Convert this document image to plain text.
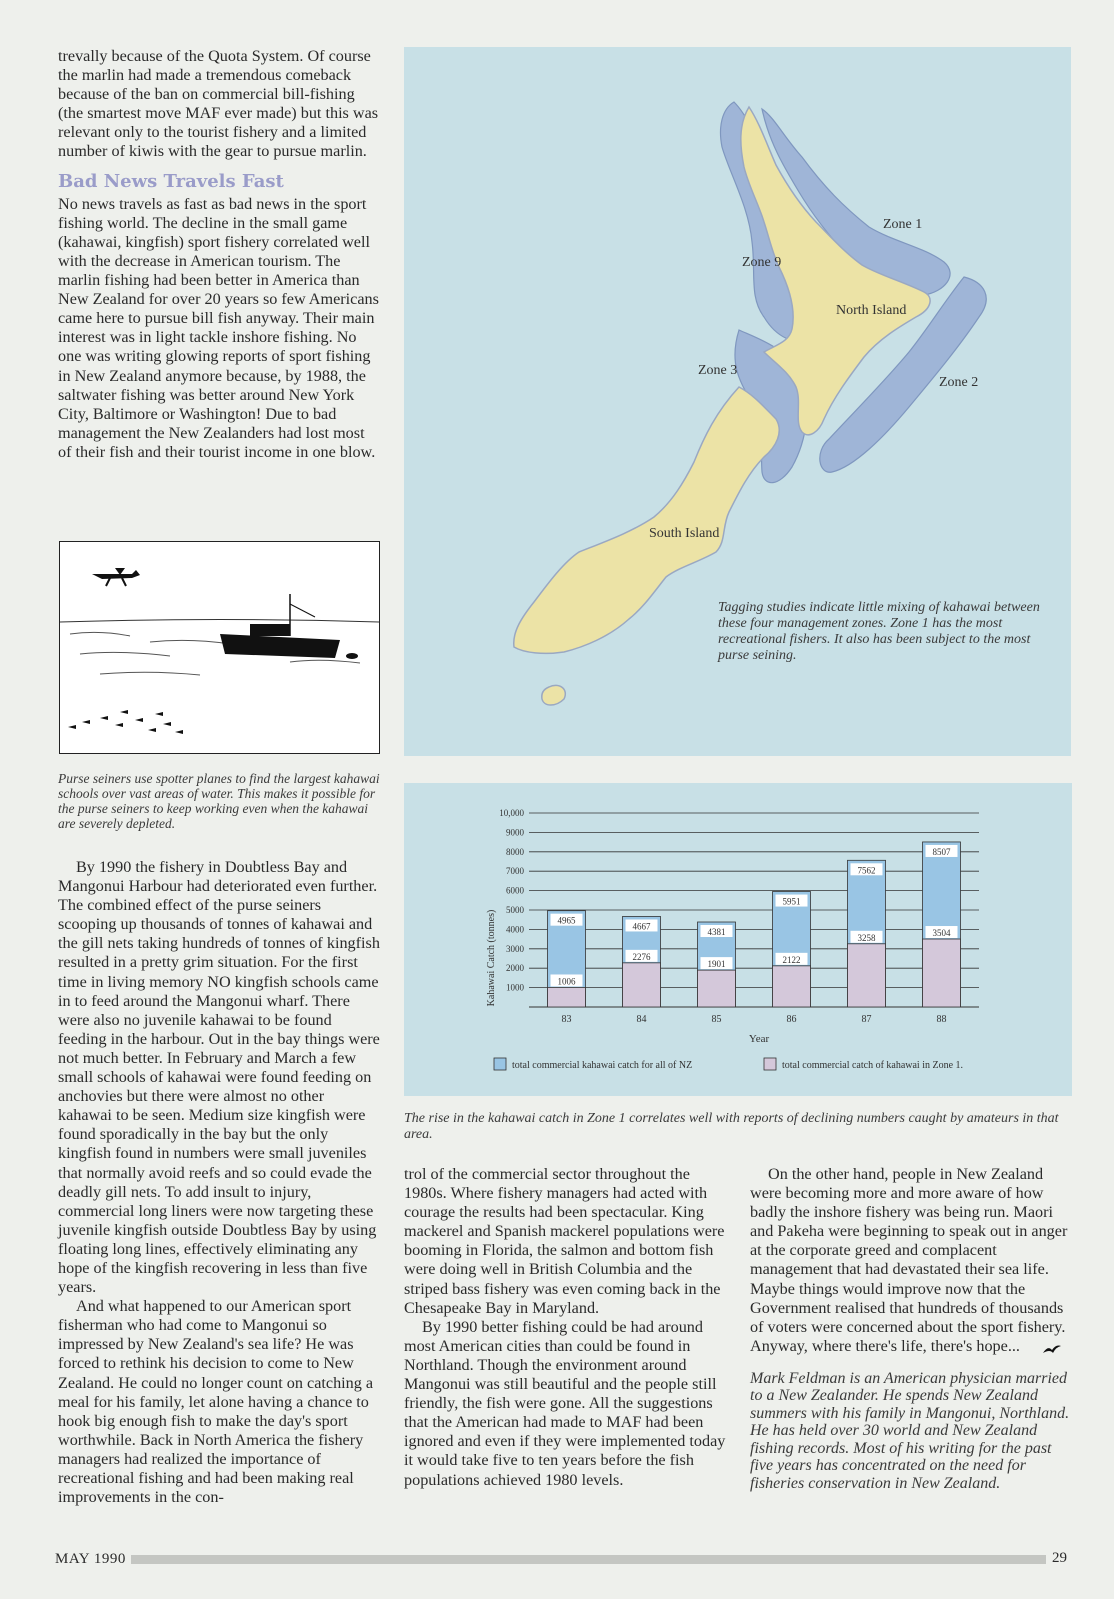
trevally because of the Quota System. Of course the marlin had made a tremendous comeback because of the ban on commercial bill-fishing (the smartest move MAF ever made) but this was relevant only to the tourist fishery and a limited number of kiwis with the gear to pursue marlin.

Bad News Travels Fast

No news travels as fast as bad news in the sport fishing world. The decline in the small game (kahawai, kingfish) sport fishery correlated well with the decrease in American tourism. The marlin fishing had been better in America than New Zealand for over 20 years so few Americans came here to pursue bill fish anyway. Their main interest was in light tackle inshore fishing. No one was writing glowing reports of sport fishing in New Zealand anymore because, by 1988, the saltwater fishing was better around New York City, Baltimore or Washington! Due to bad management the New Zealanders had lost most of their fish and their tourist income in one blow.

Purse seiners use spotter planes to find the largest kahawai schools over vast areas of water. This makes it possible for the purse seiners to keep working even when the kahawai are severely depleted.

By 1990 the fishery in Doubtless Bay and Mangonui Harbour had deteriorated even further. The combined effect of the purse seiners scooping up thousands of tonnes of kahawai and the gill nets taking hundreds of tonnes of kingfish resulted in a pretty grim situation. For the first time in living memory NO kingfish schools came in to feed around the Mangonui wharf. There were also no juvenile kahawai to be found feeding in the harbour. Out in the bay things were not much better. In February and March a few small schools of kahawai were found feeding on anchovies but there were almost no other kahawai to be seen. Medium size kingfish were found sporadically in the bay but the only kingfish found in numbers were small juveniles that normally avoid reefs and so could evade the deadly gill nets. To add insult to injury, commercial long liners were now targeting these juvenile kingfish outside Doubtless Bay by using floating long lines, effectively eliminating any hope of the kingfish recovering in less than five years.

And what happened to our American sport fisherman who had come to Mangonui so impressed by New Zealand's sea life? He was forced to rethink his decision to come to New Zealand. He could no longer count on catching a meal for his family, let alone having a chance to hook big enough fish to make the day's sport worthwhile. Back in North America the fishery managers had realized the importance of recreational fishing and had been making real improvements in the con-

Zone 1
Zone 9
North Island
Zone 3
Zone 2
South Island
Tagging studies indicate little mixing of kahawai between these four management zones. Zone 1 has the most recreational fishers. It also has been subject to the most purse seining.
1000
2000
3000
4000
5000
6000
7000
8000
9000
10,000
4965
1006
83
4667
2276
84
4381
1901
85
5951
2122
86
7562
3258
87
8507
3504
88
Kahawai Catch (tonnes)
Year
total commercial kahawai catch for all of NZ	total commercial catch of kahawai in Zone 1.
The rise in the kahawai catch in Zone 1 correlates well with reports of declining numbers caught by amateurs in that area.

trol of the commercial sector throughout the 1980s. Where fishery managers had acted with courage the results had been spectacular. King mackerel and Spanish mackerel populations were booming in Florida, the salmon and bottom fish were doing well in British Columbia and the striped bass fishery was even coming back in the Chesapeake Bay in Maryland.

By 1990 better fishing could be had around most American cities than could be found in Northland. Though the environment around Mangonui was still beautiful and the people still friendly, the fish were gone. All the suggestions that the American had made to MAF had been ignored and even if they were implemented today it would take five to ten years before the fish populations achieved 1980 levels.

On the other hand, people in New Zealand were becoming more and more aware of how badly the inshore fishery was being run. Maori and Pakeha were beginning to speak out in anger at the corporate greed and complacent management that had devastated their sea life. Maybe things would improve now that the Government realised that hundreds of thousands of voters were concerned about the sport fishery. Anyway, where there's life, there's hope...

Mark Feldman is an American physician married to a New Zealander. He spends New Zealand summers with his family in Mangonui, Northland. He has held over 30 world and New Zealand fishing records. Most of his writing for the past five years has concentrated on the need for fisheries conservation in New Zealand.

MAY 1990	29
